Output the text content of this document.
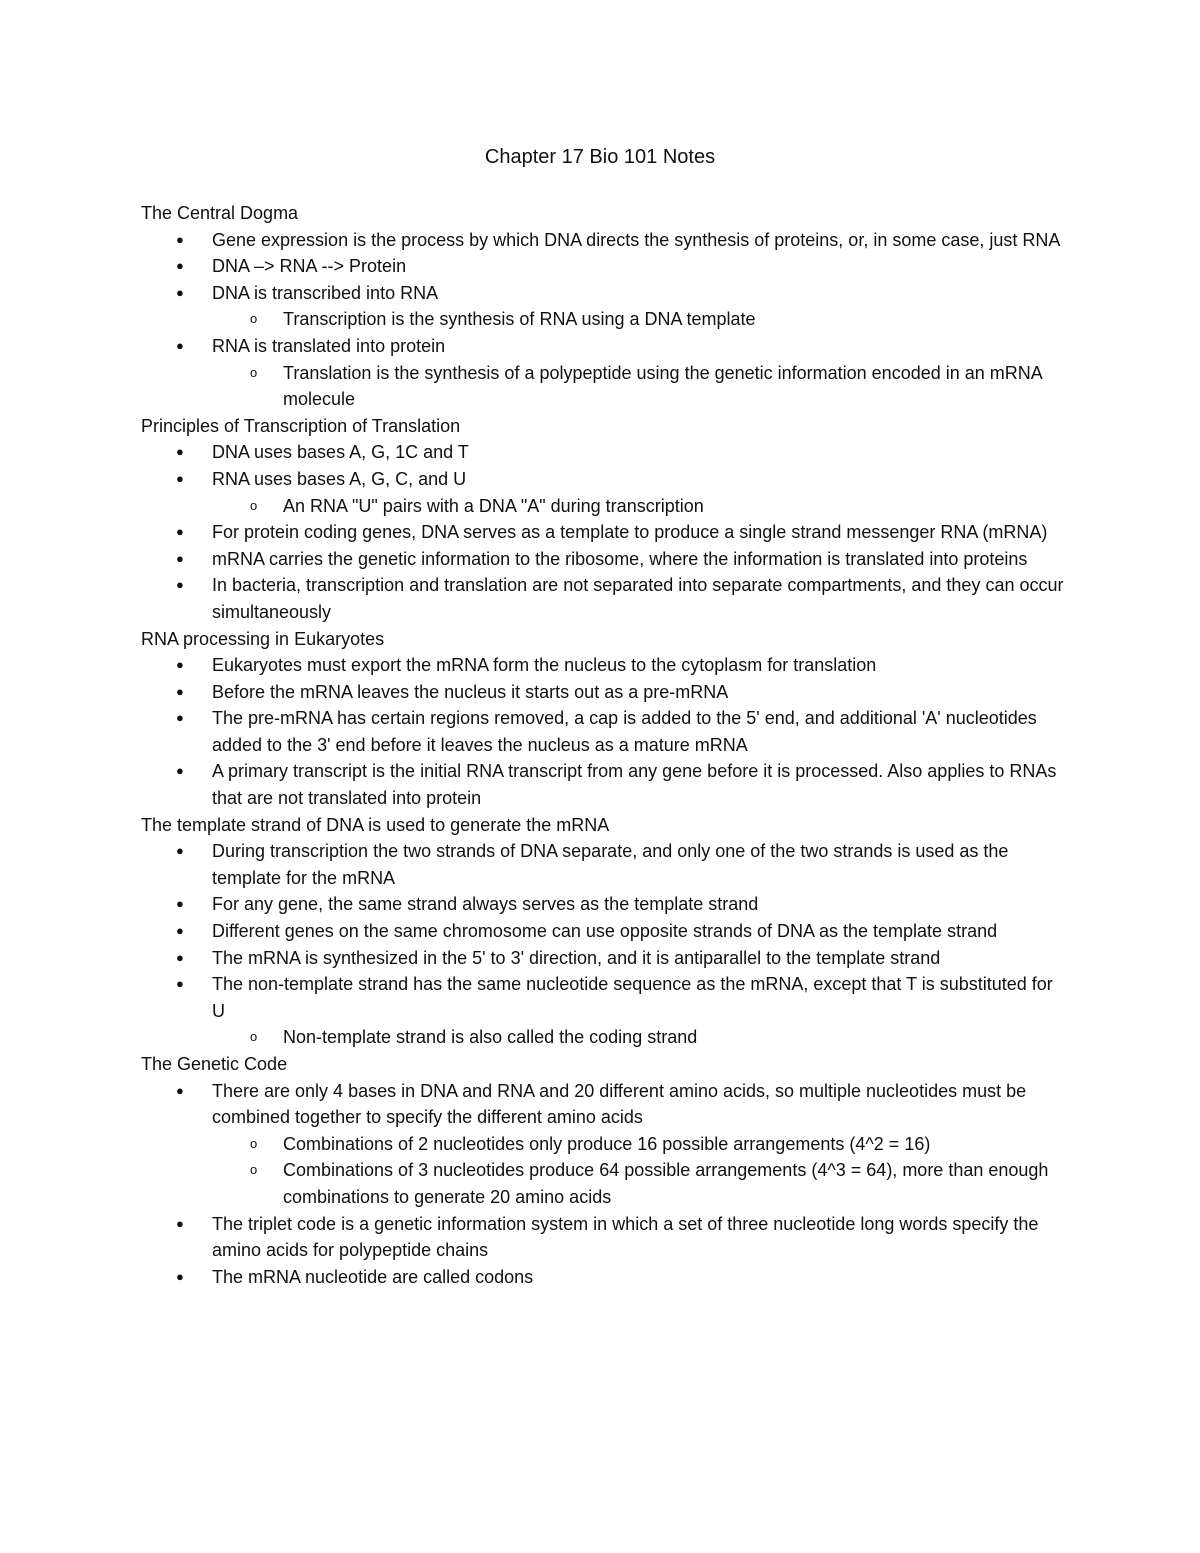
Chapter 17 Bio 101 Notes
The Central Dogma
● Gene expression is the process by which DNA directs the synthesis of proteins, or, in some case, just RNA
● DNA –> RNA --> Protein
● DNA is transcribed into RNA
o Transcription is the synthesis of RNA using a DNA template
● RNA is translated into protein
o Translation is the synthesis of a polypeptide using the genetic information encoded in an mRNA molecule
Principles of Transcription of Translation
● DNA uses bases A, G, 1C and T
● RNA uses bases A, G, C, and U
o An RNA "U" pairs with a DNA "A" during transcription
● For protein coding genes, DNA serves as a template to produce a single strand messenger RNA (mRNA)
● mRNA carries the genetic information to the ribosome, where the information is translated into proteins
● In bacteria, transcription and translation are not separated into separate compartments, and they can occur simultaneously
RNA processing in Eukaryotes
● Eukaryotes must export the mRNA form the nucleus to the cytoplasm for translation
● Before the mRNA leaves the nucleus it starts out as a pre-mRNA
● The pre-mRNA has certain regions removed, a cap is added to the 5' end, and additional 'A' nucleotides added to the 3' end before it leaves the nucleus as a mature mRNA
● A primary transcript is the initial RNA transcript from any gene before it is processed. Also applies to RNAs that are not translated into protein
The template strand of DNA is used to generate the mRNA
● During transcription the two strands of DNA separate, and only one of the two strands is used as the template for the mRNA
● For any gene, the same strand always serves as the template strand
● Different genes on the same chromosome can use opposite strands of DNA as the template strand
● The mRNA is synthesized in the 5' to 3' direction, and it is antiparallel to the template strand
● The non-template strand has the same nucleotide sequence as the mRNA, except that T is substituted for U
o Non-template strand is also called the coding strand
The Genetic Code
● There are only 4 bases in DNA and RNA and 20 different amino acids, so multiple nucleotides must be combined together to specify the different amino acids
o Combinations of 2 nucleotides only produce 16 possible arrangements (4^2 = 16)
o Combinations of 3 nucleotides produce 64 possible arrangements (4^3 = 64), more than enough combinations to generate 20 amino acids
● The triplet code is a genetic information system in which a set of three nucleotide long words specify the amino acids for polypeptide chains
● The mRNA nucleotide are called codons
